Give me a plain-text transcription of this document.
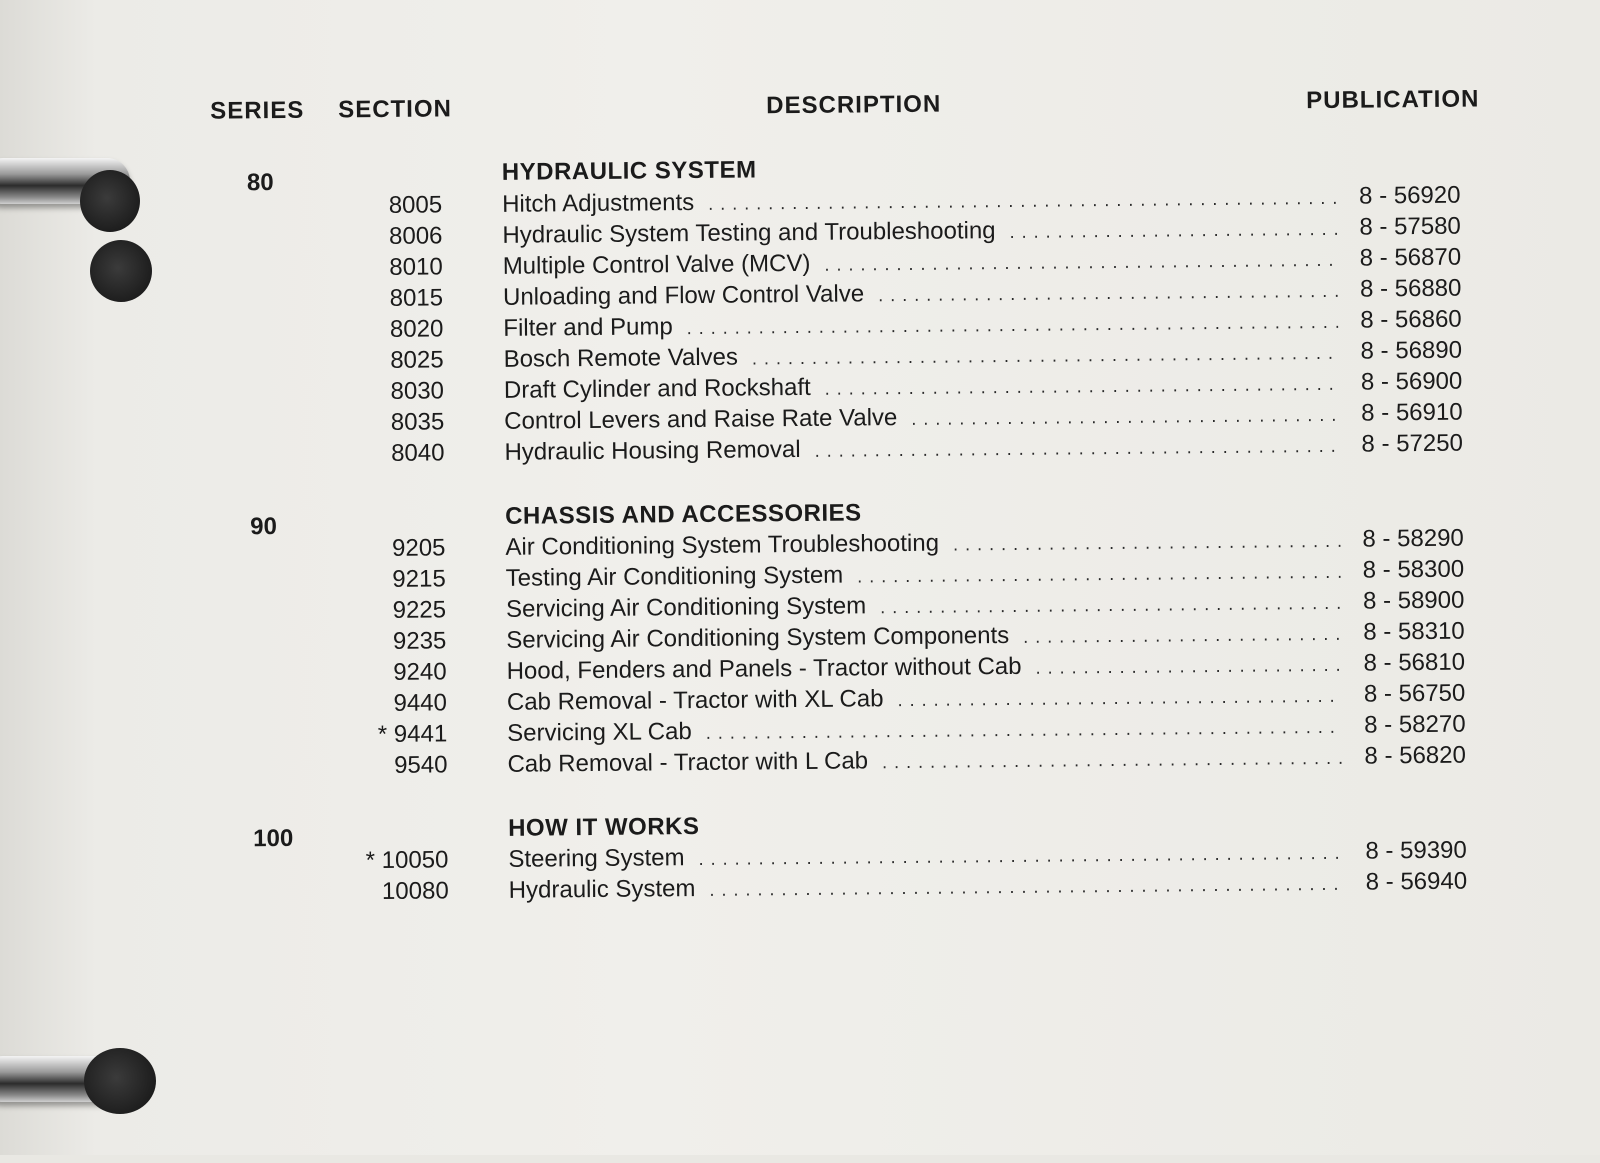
SERIES SECTION	DESCRIPTION	PUBLICATION
80	HYDRAULIC SYSTEM
8005 Hitch Adjustments .....	8 - 56920
8006 Hydraulic System Testing and Troubleshooting .....	8 - 57580
8010 Multiple Control Valve (MCV) .....	8 - 56870
8015 Unloading and Flow Control Valve .....	8 - 56880
8020 Filter and Pump .....	8 - 56860
8025 Bosch Remote Valves .....	8 - 56890
8030 Draft Cylinder and Rockshaft .....	8 - 56900
8035 Control Levers and Raise Rate Valve .....	8 - 56910
8040 Hydraulic Housing Removal .....	8 - 57250
90	CHASSIS AND ACCESSORIES
9205 Air Conditioning System Troubleshooting .....	8 - 58290
9215 Testing Air Conditioning System .....	8 - 58300
9225 Servicing Air Conditioning System .....	8 - 58900
9235 Servicing Air Conditioning System Components .....	8 - 58310
9240 Hood, Fenders and Panels - Tractor without Cab .....	8 - 56810
9440 Cab Removal - Tractor with XL Cab .....	8 - 56750
* 9441 Servicing XL Cab .....	8 - 58270
9540 Cab Removal - Tractor with L Cab .....	8 - 56820
100	HOW IT WORKS
* 10050 Steering System .....	8 - 59390
10080 Hydraulic System .....	8 - 56940
